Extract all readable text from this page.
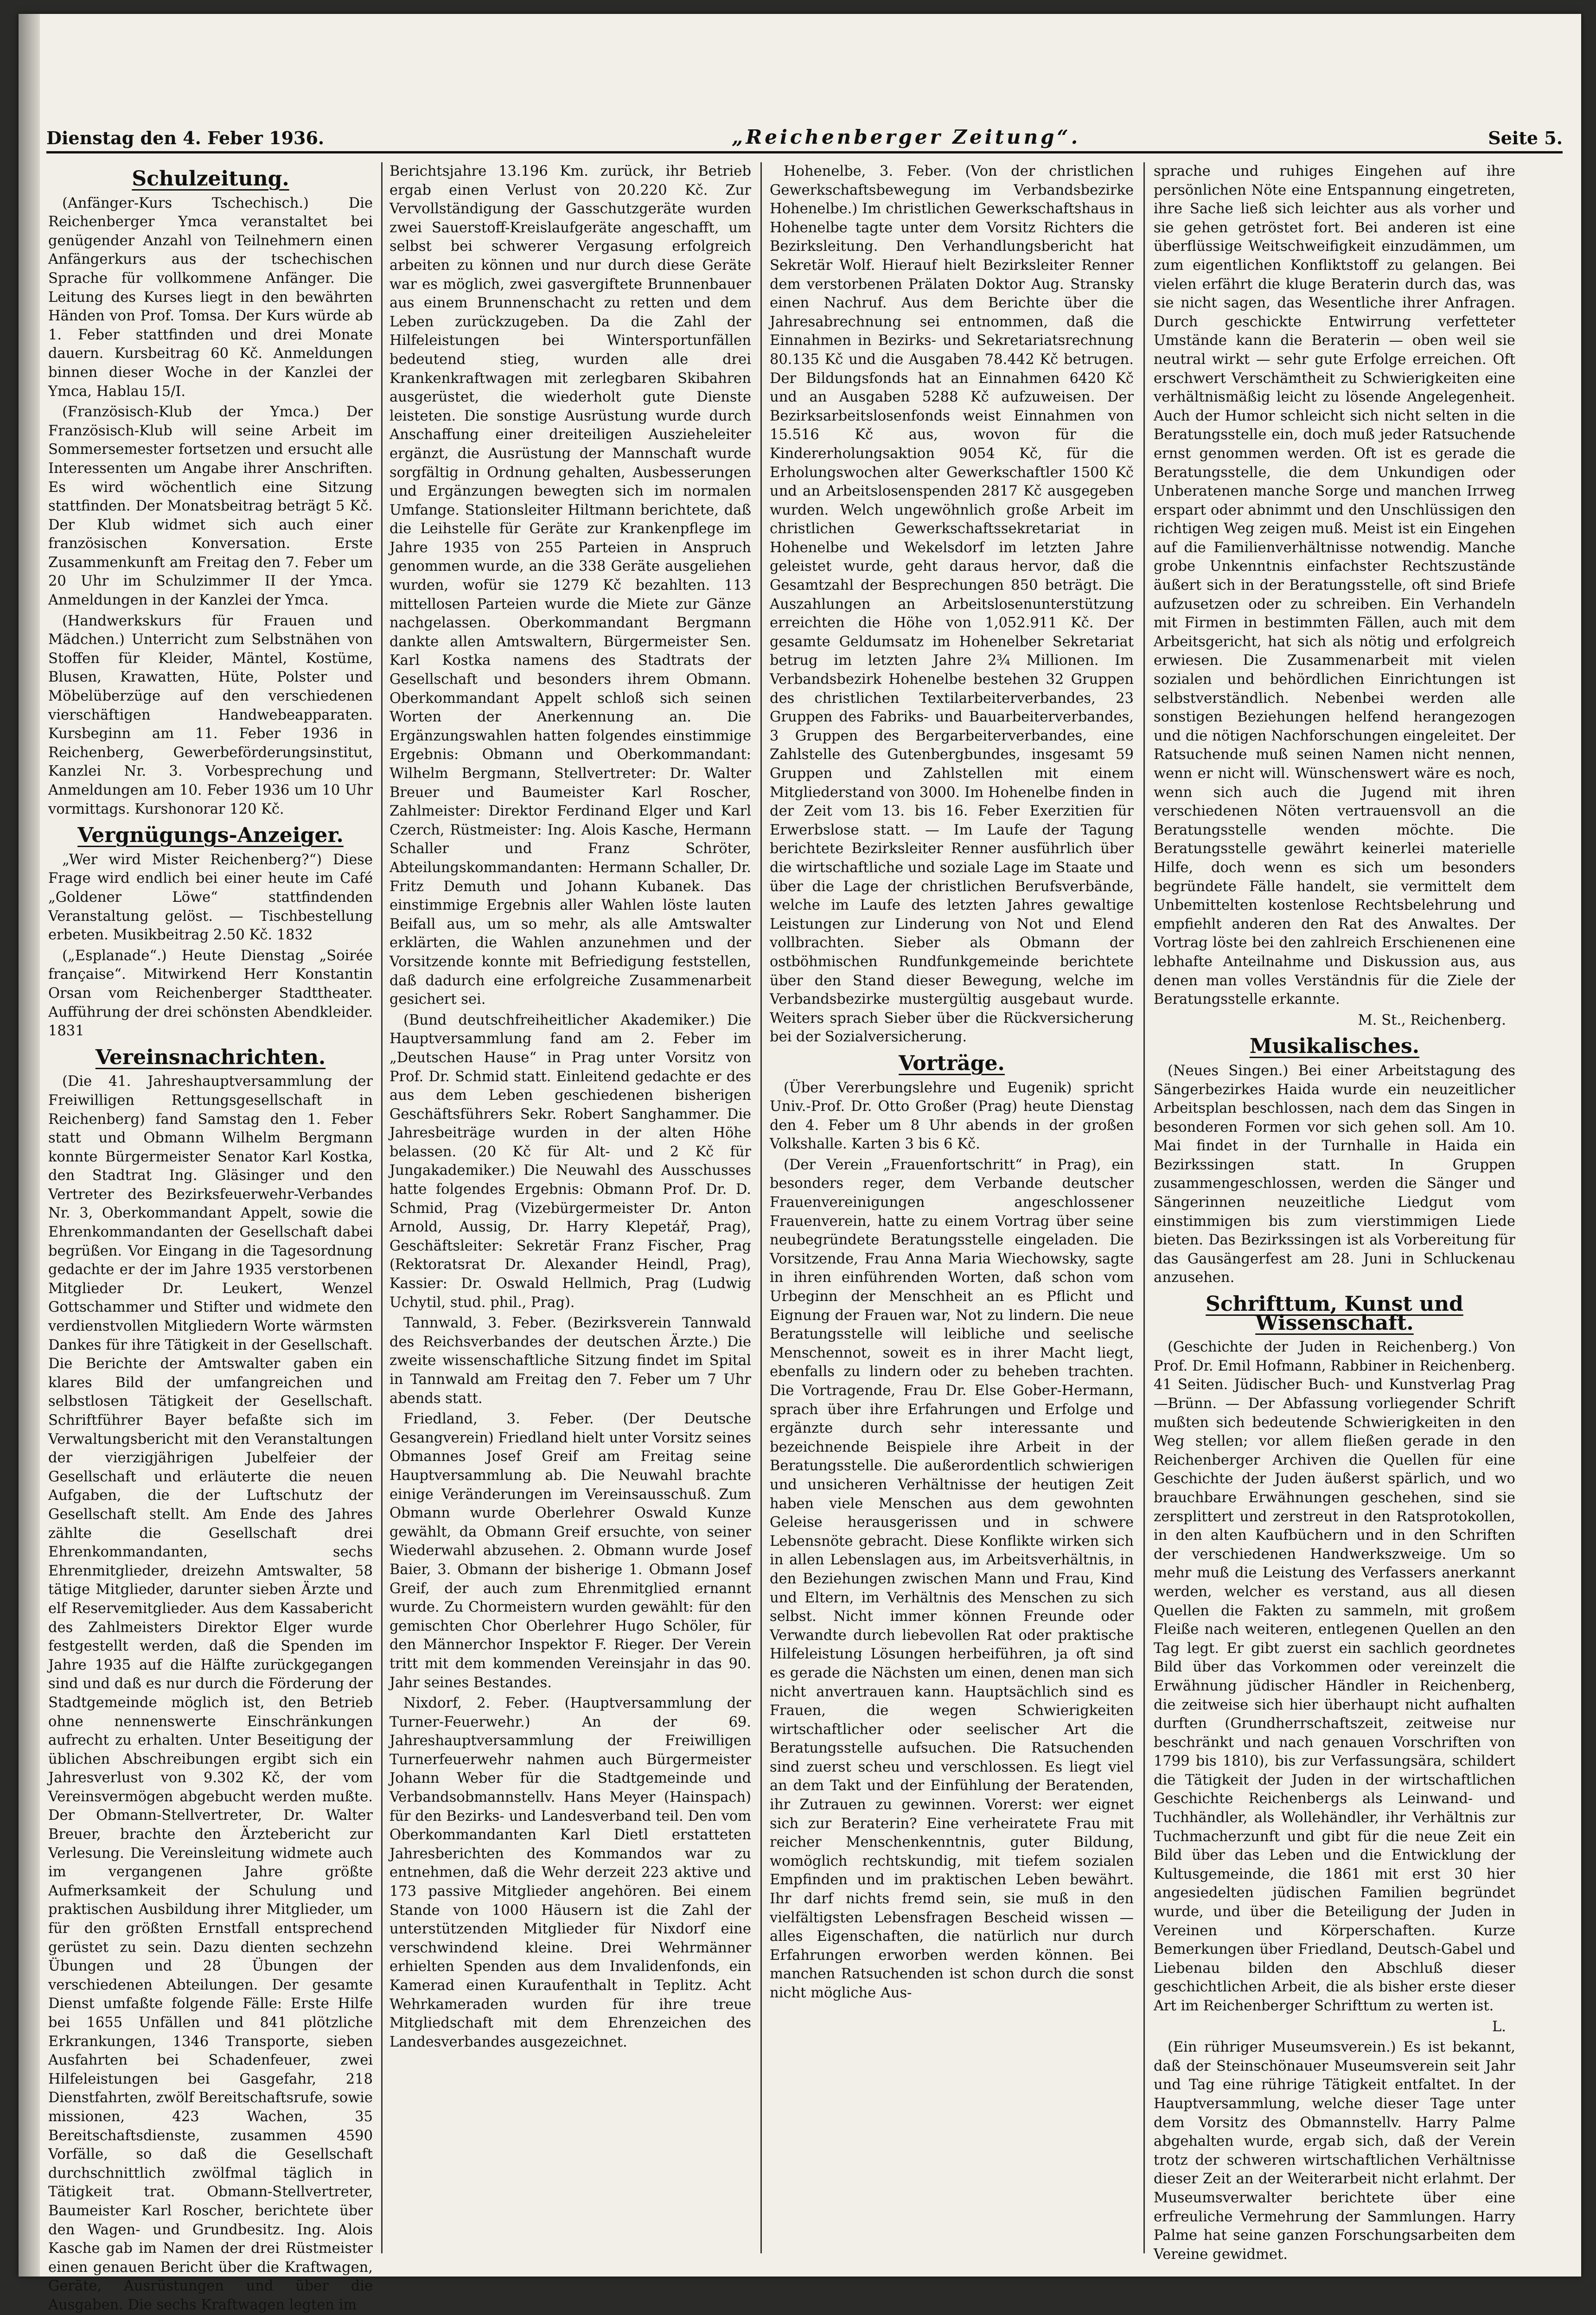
Dienstag den 4. Feber 1936.	„Reichenberger Zeitung“.	Seite 5.
Schulzeitung.

(Anfänger-Kurs Tschechisch.) Die Reichenberger Ymca veranstaltet bei genügender Anzahl von Teilnehmern einen Anfängerkurs aus der tschechischen Sprache für vollkommene Anfänger. Die Leitung des Kurses liegt in den bewährten Händen von Prof. Tomsa. Der Kurs würde ab 1. Feber stattfinden und drei Monate dauern. Kursbeitrag 60 Kč. Anmeldungen binnen dieser Woche in der Kanzlei der Ymca, Hablau 15/I.

(Französisch-Klub der Ymca.) Der Französisch-Klub will seine Arbeit im Sommersemester fortsetzen und ersucht alle Interessenten um Angabe ihrer Anschriften. Es wird wöchentlich eine Sitzung stattfinden. Der Monatsbeitrag beträgt 5 Kč. Der Klub widmet sich auch einer französischen Konversation. Erste Zusammenkunft am Freitag den 7. Feber um 20 Uhr im Schulzimmer II der Ymca. Anmeldungen in der Kanzlei der Ymca.

(Handwerkskurs für Frauen und Mädchen.) Unterricht zum Selbstnähen von Stoffen für Kleider, Mäntel, Kostüme, Blusen, Krawatten, Hüte, Polster und Möbelüberzüge auf den verschiedenen vierschäftigen Handwebeapparaten. Kursbeginn am 11. Feber 1936 in Reichenberg, Gewerbeförderungsinstitut, Kanzlei Nr. 3. Vorbesprechung und Anmeldungen am 10. Feber 1936 um 10 Uhr vormittags. Kurshonorar 120 Kč.

Vergnügungs-Anzeiger.

„Wer wird Mister Reichenberg?“) Diese Frage wird endlich bei einer heute im Café „Goldener Löwe“ stattfindenden Veranstaltung gelöst. — Tischbestellung erbeten. Musikbeitrag 2.50 Kč. 1832

(„Esplanade“.) Heute Dienstag „Soirée française“. Mitwirkend Herr Konstantin Orsan vom Reichenberger Stadttheater. Aufführung der drei schönsten Abendkleider. 1831

Vereinsnachrichten.

(Die 41. Jahreshauptversammlung der Freiwilligen Rettungsgesellschaft in Reichenberg) fand Samstag den 1. Feber statt und Obmann Wilhelm Bergmann konnte Bürgermeister Senator Karl Kostka, den Stadtrat Ing. Gläsinger und den Vertreter des Bezirksfeuerwehr-Verbandes Nr. 3, Oberkommandant Appelt, sowie die Ehrenkommandanten der Gesellschaft dabei begrüßen. Vor Eingang in die Tagesordnung gedachte er der im Jahre 1935 verstorbenen Mitglieder Dr. Leukert, Wenzel Gottschammer und Stifter und widmete den verdienstvollen Mitgliedern Worte wärmsten Dankes für ihre Tätigkeit in der Gesellschaft. Die Berichte der Amtswalter gaben ein klares Bild der umfangreichen und selbstlosen Tätigkeit der Gesellschaft. Schriftführer Bayer befaßte sich im Verwaltungsbericht mit den Veranstaltungen der vierzigjährigen Jubelfeier der Gesellschaft und erläuterte die neuen Aufgaben, die der Luftschutz der Gesellschaft stellt. Am Ende des Jahres zählte die Gesellschaft drei Ehrenkommandanten, sechs Ehrenmitglieder, dreizehn Amtswalter, 58 tätige Mitglieder, darunter sieben Ärzte und elf Reservemitglieder. Aus dem Kassabericht des Zahlmeisters Direktor Elger wurde festgestellt werden, daß die Spenden im Jahre 1935 auf die Hälfte zurückgegangen sind und daß es nur durch die Förderung der Stadtgemeinde möglich ist, den Betrieb ohne nennenswerte Einschränkungen aufrecht zu erhalten. Unter Beseitigung der üblichen Abschreibungen ergibt sich ein Jahresverlust von 9.302 Kč, der vom Vereinsvermögen abgebucht werden mußte. Der Obmann-Stellvertreter, Dr. Walter Breuer, brachte den Ärztebericht zur Verlesung. Die Vereinsleitung widmete auch im vergangenen Jahre größte Aufmerksamkeit der Schulung und praktischen Ausbildung ihrer Mitglieder, um für den größten Ernstfall entsprechend gerüstet zu sein. Dazu dienten sechzehn Übungen und 28 Übungen der verschiedenen Abteilungen. Der gesamte Dienst umfaßte folgende Fälle: Erste Hilfe bei 1655 Unfällen und 841 plötzliche Erkrankungen, 1346 Transporte, sieben Ausfahrten bei Schadenfeuer, zwei Hilfeleistungen bei Gasgefahr, 218 Dienstfahrten, zwölf Bereitschaftsrufe, sowie missionen, 423 Wachen, 35 Bereitschaftsdienste, zusammen 4590 Vorfälle, so daß die Gesellschaft durchschnittlich zwölfmal täglich in Tätigkeit trat. Obmann-Stellvertreter, Baumeister Karl Roscher, berichtete über den Wagen- und Grundbesitz. Ing. Alois Kasche gab im Namen der drei Rüstmeister einen genauen Bericht über die Kraftwagen, Geräte, Ausrüstungen und über die Ausgaben. Die sechs Kraftwagen legten im

Berichtsjahre 13.196 Km. zurück, ihr Betrieb ergab einen Verlust von 20.220 Kč. Zur Vervollständigung der Gasschutzgeräte wurden zwei Sauerstoff-Kreislaufgeräte angeschafft, um selbst bei schwerer Vergasung erfolgreich arbeiten zu können und nur durch diese Geräte war es möglich, zwei gasvergiftete Brunnenbauer aus einem Brunnenschacht zu retten und dem Leben zurückzugeben. Da die Zahl der Hilfeleistungen bei Wintersportunfällen bedeutend stieg, wurden alle drei Krankenkraftwagen mit zerlegbaren Skibahren ausgerüstet, die wiederholt gute Dienste leisteten. Die sonstige Ausrüstung wurde durch Anschaffung einer dreiteiligen Auszieheleiter ergänzt, die Ausrüstung der Mannschaft wurde sorgfältig in Ordnung gehalten, Ausbesserungen und Ergänzungen bewegten sich im normalen Umfange. Stationsleiter Hiltmann berichtete, daß die Leihstelle für Geräte zur Krankenpflege im Jahre 1935 von 255 Parteien in Anspruch genommen wurde, an die 338 Geräte ausgeliehen wurden, wofür sie 1279 Kč bezahlten. 113 mittellosen Parteien wurde die Miete zur Gänze nachgelassen. Oberkommandant Bergmann dankte allen Amtswaltern, Bürgermeister Sen. Karl Kostka namens des Stadtrats der Gesellschaft und besonders ihrem Obmann. Oberkommandant Appelt schloß sich seinen Worten der Anerkennung an. Die Ergänzungswahlen hatten folgendes einstimmige Ergebnis: Obmann und Oberkommandant: Wilhelm Bergmann, Stellvertreter: Dr. Walter Breuer und Baumeister Karl Roscher, Zahlmeister: Direktor Ferdinand Elger und Karl Czerch, Rüstmeister: Ing. Alois Kasche, Hermann Schaller und Franz Schröter, Abteilungskommandanten: Hermann Schaller, Dr. Fritz Demuth und Johann Kubanek. Das einstimmige Ergebnis aller Wahlen löste lauten Beifall aus, um so mehr, als alle Amtswalter erklärten, die Wahlen anzunehmen und der Vorsitzende konnte mit Befriedigung feststellen, daß dadurch eine erfolgreiche Zusammenarbeit gesichert sei.

(Bund deutschfreiheitlicher Akademiker.) Die Hauptversammlung fand am 2. Feber im „Deutschen Hause“ in Prag unter Vorsitz von Prof. Dr. Schmid statt. Einleitend gedachte er des aus dem Leben geschiedenen bisherigen Geschäftsführers Sekr. Robert Sanghammer. Die Jahresbeiträge wurden in der alten Höhe belassen. (20 Kč für Alt- und 2 Kč für Jungakademiker.) Die Neuwahl des Ausschusses hatte folgendes Ergebnis: Obmann Prof. Dr. D. Schmid, Prag (Vizebürgermeister Dr. Anton Arnold, Aussig, Dr. Harry Klepetář, Prag), Geschäftsleiter: Sekretär Franz Fischer, Prag (Rektoratsrat Dr. Alexander Heindl, Prag), Kassier: Dr. Oswald Hellmich, Prag (Ludwig Uchytil, stud. phil., Prag).

Tannwald, 3. Feber. (Bezirksverein Tannwald des Reichsverbandes der deutschen Ärzte.) Die zweite wissenschaftliche Sitzung findet im Spital in Tannwald am Freitag den 7. Feber um 7 Uhr abends statt.

Friedland, 3. Feber. (Der Deutsche Gesangverein) Friedland hielt unter Vorsitz seines Obmannes Josef Greif am Freitag seine Hauptversammlung ab. Die Neuwahl brachte einige Veränderungen im Vereinsausschuß. Zum Obmann wurde Oberlehrer Oswald Kunze gewählt, da Obmann Greif ersuchte, von seiner Wiederwahl abzusehen. 2. Obmann wurde Josef Baier, 3. Obmann der bisherige 1. Obmann Josef Greif, der auch zum Ehrenmitglied ernannt wurde. Zu Chormeistern wurden gewählt: für den gemischten Chor Oberlehrer Hugo Schöler, für den Männerchor Inspektor F. Rieger. Der Verein tritt mit dem kommenden Vereinsjahr in das 90. Jahr seines Bestandes.

Nixdorf, 2. Feber. (Hauptversammlung der Turner-Feuerwehr.) An der 69. Jahreshauptversammlung der Freiwilligen Turnerfeuerwehr nahmen auch Bürgermeister Johann Weber für die Stadtgemeinde und Verbandsobmannstellv. Hans Meyer (Hainspach) für den Bezirks- und Landesverband teil. Den vom Oberkommandanten Karl Dietl erstatteten Jahresberichten des Kommandos war zu entnehmen, daß die Wehr derzeit 223 aktive und 173 passive Mitglieder angehören. Bei einem Stande von 1000 Häusern ist die Zahl der unterstützenden Mitglieder für Nixdorf eine verschwindend kleine. Drei Wehrmänner erhielten Spenden aus dem Invalidenfonds, ein Kamerad einen Kuraufenthalt in Teplitz. Acht Wehrkameraden wurden für ihre treue Mitgliedschaft mit dem Ehrenzeichen des Landesverbandes ausgezeichnet.

Hohenelbe, 3. Feber. (Von der christlichen Gewerkschaftsbewegung im Verbandsbezirke Hohenelbe.) Im christlichen Gewerkschaftshaus in Hohenelbe tagte unter dem Vorsitz Richters die Bezirksleitung. Den Verhandlungsbericht hat Sekretär Wolf. Hierauf hielt Bezirksleiter Renner dem verstorbenen Prälaten Doktor Aug. Stransky einen Nachruf. Aus dem Berichte über die Jahresabrechnung sei entnommen, daß die Einnahmen in Bezirks- und Sekretariatsrechnung 80.135 Kč und die Ausgaben 78.442 Kč betrugen. Der Bildungsfonds hat an Einnahmen 6420 Kč und an Ausgaben 5288 Kč aufzuweisen. Der Bezirksarbeitslosenfonds weist Einnahmen von 15.516 Kč aus, wovon für die Kindererholungsaktion 9054 Kč, für die Erholungswochen alter Gewerkschaftler 1500 Kč und an Arbeitslosenspenden 2817 Kč ausgegeben wurden. Welch ungewöhnlich große Arbeit im christlichen Gewerkschaftssekretariat in Hohenelbe und Wekelsdorf im letzten Jahre geleistet wurde, geht daraus hervor, daß die Gesamtzahl der Besprechungen 850 beträgt. Die Auszahlungen an Arbeitslosenunterstützung erreichten die Höhe von 1,052.911 Kč. Der gesamte Geldumsatz im Hohenelber Sekretariat betrug im letzten Jahre 2¾ Millionen. Im Verbandsbezirk Hohenelbe bestehen 32 Gruppen des christlichen Textilarbeiterverbandes, 23 Gruppen des Fabriks- und Bauarbeiterverbandes, 3 Gruppen des Bergarbeiterverbandes, eine Zahlstelle des Gutenbergbundes, insgesamt 59 Gruppen und Zahlstellen mit einem Mitgliederstand von 3000. Im Hohenelbe finden in der Zeit vom 13. bis 16. Feber Exerzitien für Erwerbslose statt. — Im Laufe der Tagung berichtete Bezirksleiter Renner ausführlich über die wirtschaftliche und soziale Lage im Staate und über die Lage der christlichen Berufsverbände, welche im Laufe des letzten Jahres gewaltige Leistungen zur Linderung von Not und Elend vollbrachten. Sieber als Obmann der ostböhmischen Rundfunkgemeinde berichtete über den Stand dieser Bewegung, welche im Verbandsbezirke mustergültig ausgebaut wurde. Weiters sprach Sieber über die Rückversicherung bei der Sozialversicherung.

Vorträge.

(Über Vererbungslehre und Eugenik) spricht Univ.-Prof. Dr. Otto Großer (Prag) heute Dienstag den 4. Feber um 8 Uhr abends in der großen Volkshalle. Karten 3 bis 6 Kč.

(Der Verein „Frauenfortschritt“ in Prag), ein besonders reger, dem Verbande deutscher Frauenvereinigungen angeschlossener Frauenverein, hatte zu einem Vortrag über seine neubegründete Beratungsstelle eingeladen. Die Vorsitzende, Frau Anna Maria Wiechowsky, sagte in ihren einführenden Worten, daß schon vom Urbeginn der Menschheit an es Pflicht und Eignung der Frauen war, Not zu lindern. Die neue Beratungsstelle will leibliche und seelische Menschennot, soweit es in ihrer Macht liegt, ebenfalls zu lindern oder zu beheben trachten. Die Vortragende, Frau Dr. Else Gober-Hermann, sprach über ihre Erfahrungen und Erfolge und ergänzte durch sehr interessante und bezeichnende Beispiele ihre Arbeit in der Beratungsstelle. Die außerordentlich schwierigen und unsicheren Verhältnisse der heutigen Zeit haben viele Menschen aus dem gewohnten Geleise herausgerissen und in schwere Lebensnöte gebracht. Diese Konflikte wirken sich in allen Lebenslagen aus, im Arbeitsverhältnis, in den Beziehungen zwischen Mann und Frau, Kind und Eltern, im Verhältnis des Menschen zu sich selbst. Nicht immer können Freunde oder Verwandte durch liebevollen Rat oder praktische Hilfeleistung Lösungen herbeiführen, ja oft sind es gerade die Nächsten um einen, denen man sich nicht anvertrauen kann. Hauptsächlich sind es Frauen, die wegen Schwierigkeiten wirtschaftlicher oder seelischer Art die Beratungsstelle aufsuchen. Die Ratsuchenden sind zuerst scheu und verschlossen. Es liegt viel an dem Takt und der Einfühlung der Beratenden, ihr Zutrauen zu gewinnen. Vorerst: wer eignet sich zur Beraterin? Eine verheiratete Frau mit reicher Menschenkenntnis, guter Bildung, womöglich rechtskundig, mit tiefem sozialen Empfinden und im praktischen Leben bewährt. Ihr darf nichts fremd sein, sie muß in den vielfältigsten Lebensfragen Bescheid wissen — alles Eigenschaften, die natürlich nur durch Erfahrungen erworben werden können. Bei manchen Ratsuchenden ist schon durch die sonst nicht mögliche Aus-

sprache und ruhiges Eingehen auf ihre persönlichen Nöte eine Entspannung eingetreten, ihre Sache ließ sich leichter aus als vorher und sie gehen getröstet fort. Bei anderen ist eine überflüssige Weitschweifigkeit einzudämmen, um zum eigentlichen Konfliktstoff zu gelangen. Bei vielen erfährt die kluge Beraterin durch das, was sie nicht sagen, das Wesentliche ihrer Anfragen. Durch geschickte Entwirrung verfetteter Umstände kann die Beraterin — oben weil sie neutral wirkt — sehr gute Erfolge erreichen. Oft erschwert Verschämtheit zu Schwierigkeiten eine verhältnismäßig leicht zu lösende Angelegenheit. Auch der Humor schleicht sich nicht selten in die Beratungsstelle ein, doch muß jeder Ratsuchende ernst genommen werden. Oft ist es gerade die Beratungsstelle, die dem Unkundigen oder Unberatenen manche Sorge und manchen Irrweg erspart oder abnimmt und den Unschlüssigen den richtigen Weg zeigen muß. Meist ist ein Eingehen auf die Familienverhältnisse notwendig. Manche grobe Unkenntnis einfachster Rechtszustände äußert sich in der Beratungsstelle, oft sind Briefe aufzusetzen oder zu schreiben. Ein Verhandeln mit Firmen in bestimmten Fällen, auch mit dem Arbeitsgericht, hat sich als nötig und erfolgreich erwiesen. Die Zusammenarbeit mit vielen sozialen und behördlichen Einrichtungen ist selbstverständlich. Nebenbei werden alle sonstigen Beziehungen helfend herangezogen und die nötigen Nachforschungen eingeleitet. Der Ratsuchende muß seinen Namen nicht nennen, wenn er nicht will. Wünschenswert wäre es noch, wenn sich auch die Jugend mit ihren verschiedenen Nöten vertrauensvoll an die Beratungsstelle wenden möchte. Die Beratungsstelle gewährt keinerlei materielle Hilfe, doch wenn es sich um besonders begründete Fälle handelt, sie vermittelt dem Unbemittelten kostenlose Rechtsbelehrung und empfiehlt anderen den Rat des Anwaltes. Der Vortrag löste bei den zahlreich Erschienenen eine lebhafte Anteilnahme und Diskussion aus, aus denen man volles Verständnis für die Ziele der Beratungsstelle erkannte.

M. St., Reichenberg.

Musikalisches.

(Neues Singen.) Bei einer Arbeitstagung des Sängerbezirkes Haida wurde ein neuzeitlicher Arbeitsplan beschlossen, nach dem das Singen in besonderen Formen vor sich gehen soll. Am 10. Mai findet in der Turnhalle in Haida ein Bezirkssingen statt. In Gruppen zusammengeschlossen, werden die Sänger und Sängerinnen neuzeitliche Liedgut vom einstimmigen bis zum vierstimmigen Liede bieten. Das Bezirkssingen ist als Vorbereitung für das Gausängerfest am 28. Juni in Schluckenau anzusehen.

Schrifttum, Kunst und Wissenschaft.

(Geschichte der Juden in Reichenberg.) Von Prof. Dr. Emil Hofmann, Rabbiner in Reichenberg. 41 Seiten. Jüdischer Buch- und Kunstverlag Prag—Brünn. — Der Abfassung vorliegender Schrift mußten sich bedeutende Schwierigkeiten in den Weg stellen; vor allem fließen gerade in den Reichenberger Archiven die Quellen für eine Geschichte der Juden äußerst spärlich, und wo brauchbare Erwähnungen geschehen, sind sie zersplittert und zerstreut in den Ratsprotokollen, in den alten Kaufbüchern und in den Schriften der verschiedenen Handwerkszweige. Um so mehr muß die Leistung des Verfassers anerkannt werden, welcher es verstand, aus all diesen Quellen die Fakten zu sammeln, mit großem Fleiße nach weiteren, entlegenen Quellen an den Tag legt. Er gibt zuerst ein sachlich geordnetes Bild über das Vorkommen oder vereinzelt die Erwähnung jüdischer Händler in Reichenberg, die zeitweise sich hier überhaupt nicht aufhalten durften (Grundherrschaftszeit, zeitweise nur beschränkt und nach genauen Vorschriften von 1799 bis 1810), bis zur Verfassungsära, schildert die Tätigkeit der Juden in der wirtschaftlichen Geschichte Reichenbergs als Leinwand- und Tuchhändler, als Wollehändler, ihr Verhältnis zur Tuchmacherzunft und gibt für die neue Zeit ein Bild über das Leben und die Entwicklung der Kultusgemeinde, die 1861 mit erst 30 hier angesiedelten jüdischen Familien begründet wurde, und über die Beteiligung der Juden in Vereinen und Körperschaften. Kurze Bemerkungen über Friedland, Deutsch-Gabel und Liebenau bilden den Abschluß dieser geschichtlichen Arbeit, die als bisher erste dieser Art im Reichenberger Schrifttum zu werten ist.

L.

(Ein rühriger Museumsverein.) Es ist bekannt, daß der Steinschönauer Museumsverein seit Jahr und Tag eine rührige Tätigkeit entfaltet. In der Hauptversammlung, welche dieser Tage unter dem Vorsitz des Obmannstellv. Harry Palme abgehalten wurde, ergab sich, daß der Verein trotz der schweren wirtschaftlichen Verhältnisse dieser Zeit an der Weiterarbeit nicht erlahmt. Der Museumsverwalter berichtete über eine erfreuliche Vermehrung der Sammlungen. Harry Palme hat seine ganzen Forschungsarbeiten dem Vereine gewidmet.
